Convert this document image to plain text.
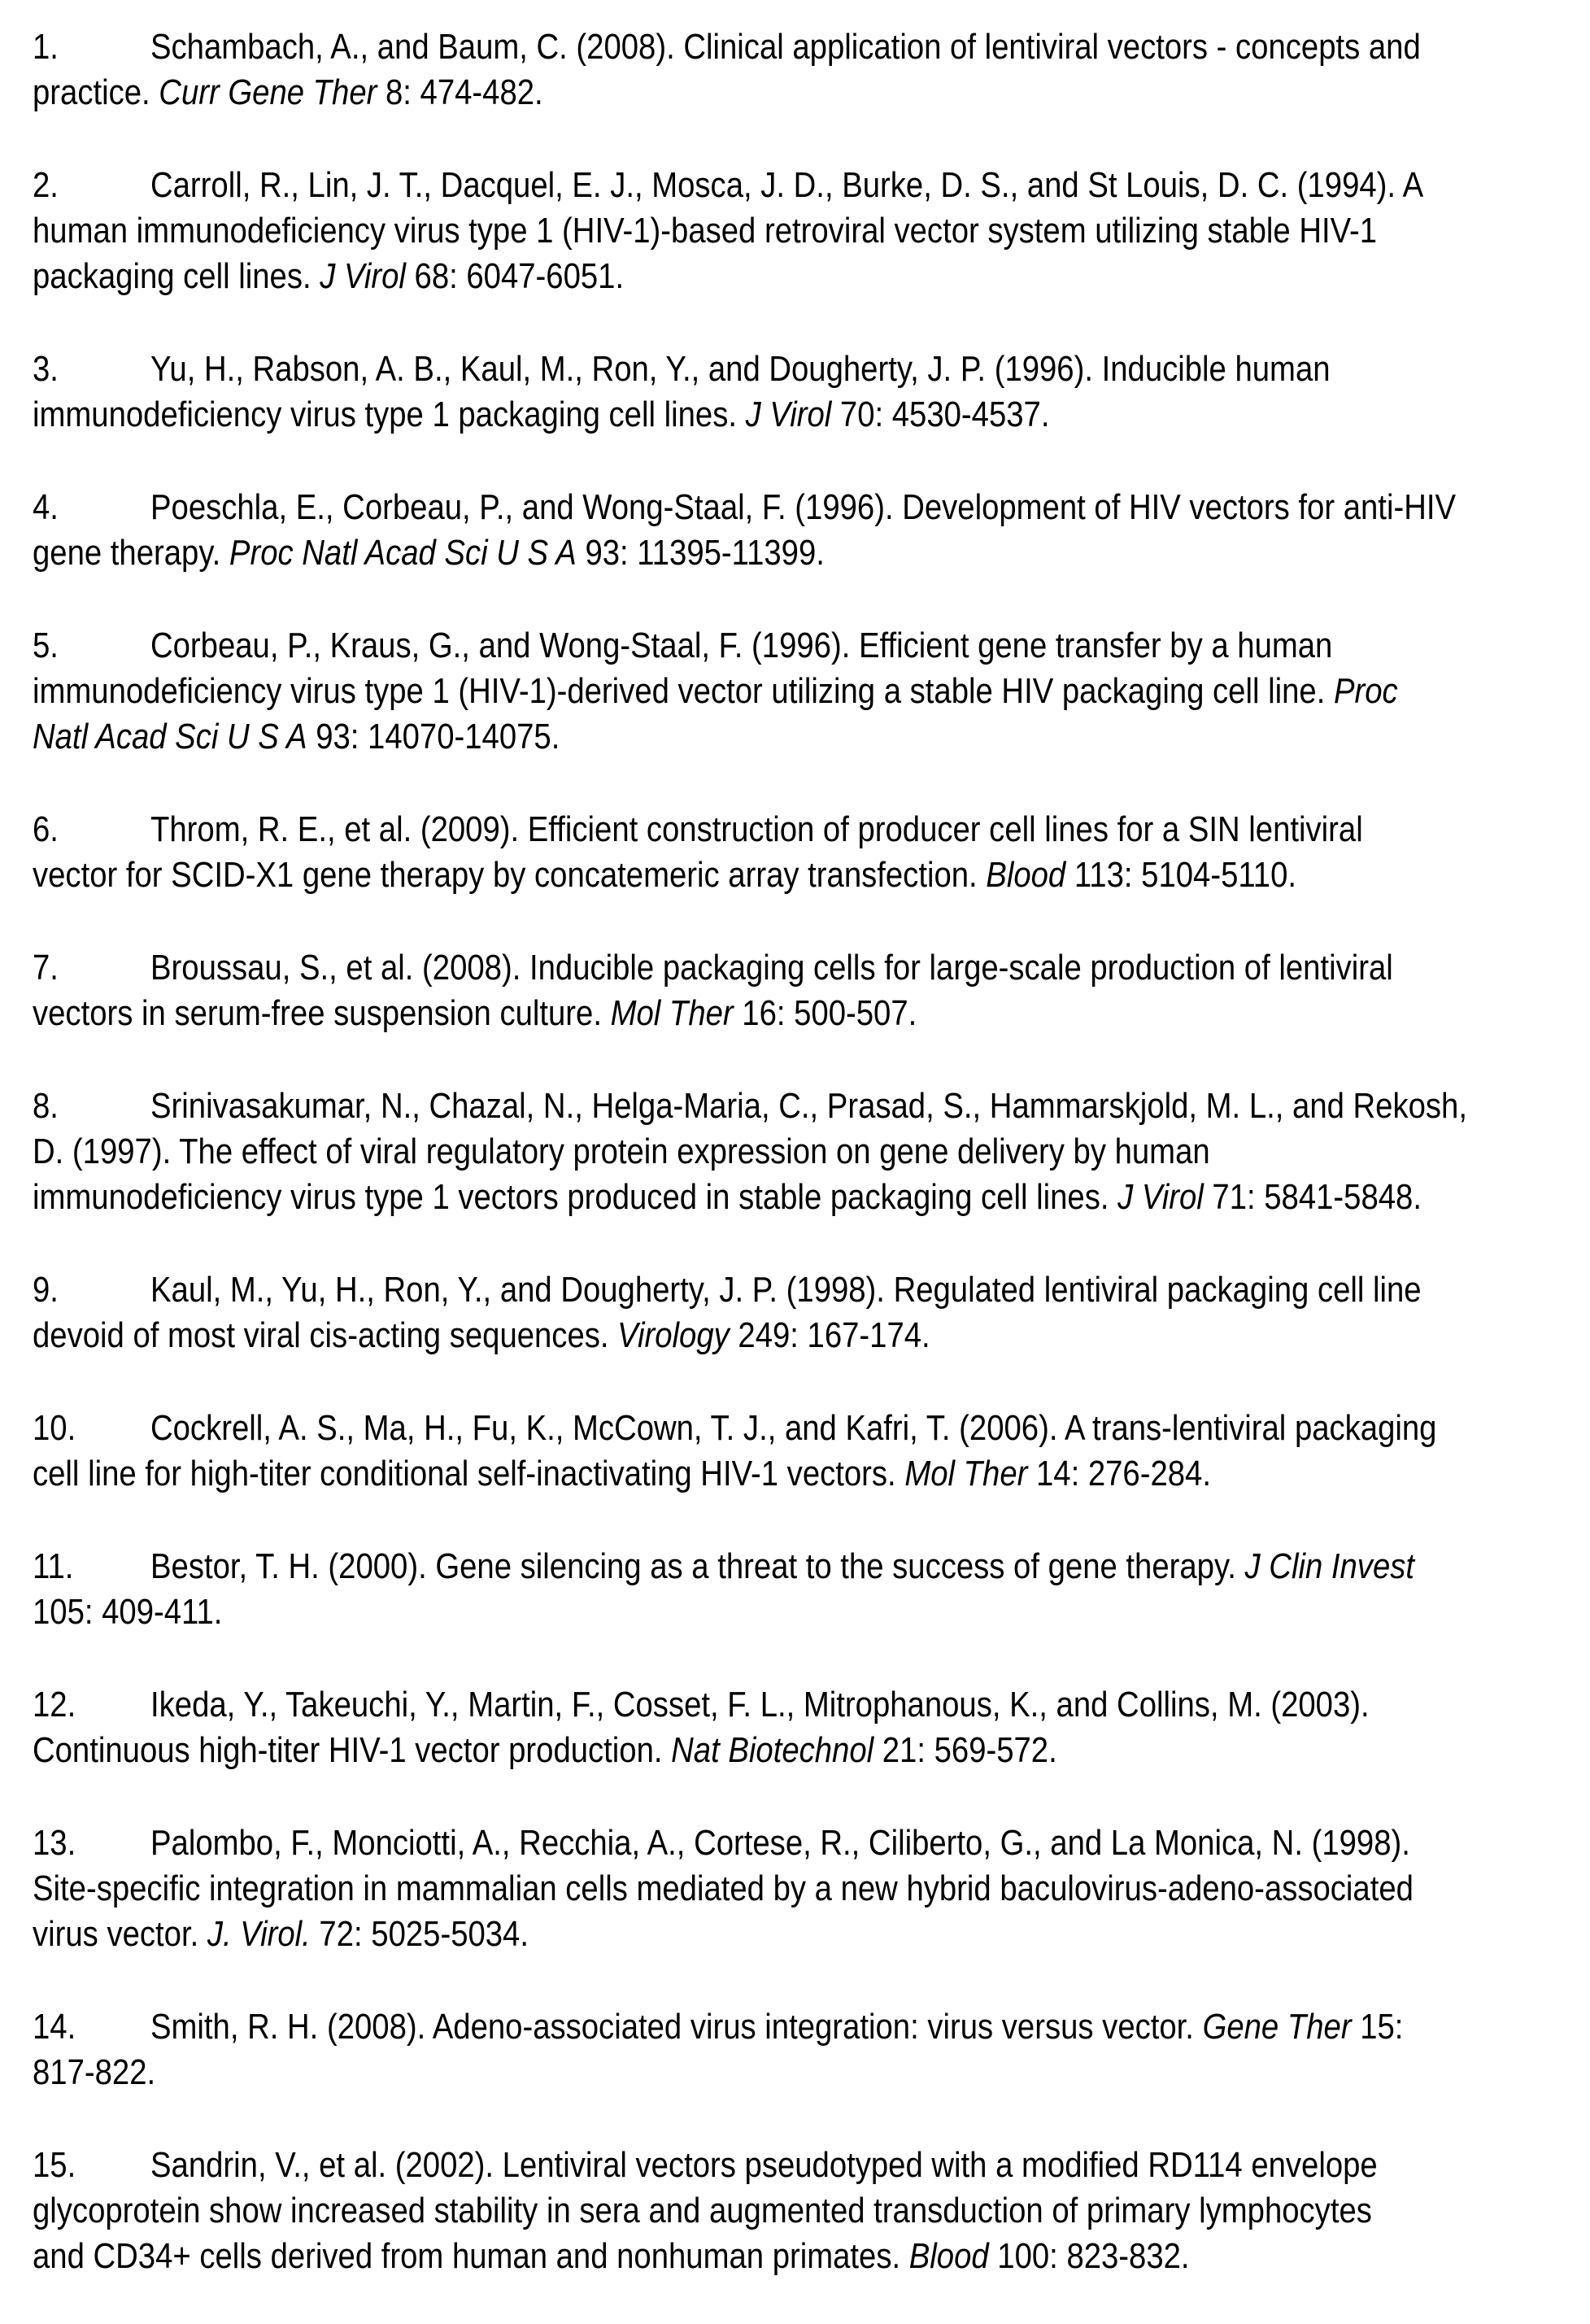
1.	Schambach, A., and Baum, C. (2008). Clinical application of lentiviral vectors - concepts and
practice. Curr Gene Ther 8: 474-482.
2.	Carroll, R., Lin, J. T., Dacquel, E. J., Mosca, J. D., Burke, D. S., and St Louis, D. C. (1994). A
human immunodeficiency virus type 1 (HIV-1)-based retroviral vector system utilizing stable HIV-1
packaging cell lines. J Virol 68: 6047-6051.
3.	Yu, H., Rabson, A. B., Kaul, M., Ron, Y., and Dougherty, J. P. (1996). Inducible human
immunodeficiency virus type 1 packaging cell lines. J Virol 70: 4530-4537.
4.	Poeschla, E., Corbeau, P., and Wong-Staal, F. (1996). Development of HIV vectors for anti-HIV
gene therapy. Proc Natl Acad Sci U S A 93: 11395-11399.
5.	Corbeau, P., Kraus, G., and Wong-Staal, F. (1996). Efficient gene transfer by a human
immunodeficiency virus type 1 (HIV-1)-derived vector utilizing a stable HIV packaging cell line. Proc
Natl Acad Sci U S A 93: 14070-14075.
6.	Throm, R. E., et al. (2009). Efficient construction of producer cell lines for a SIN lentiviral
vector for SCID-X1 gene therapy by concatemeric array transfection. Blood 113: 5104-5110.
7.	Broussau, S., et al. (2008). Inducible packaging cells for large-scale production of lentiviral
vectors in serum-free suspension culture. Mol Ther 16: 500-507.
8.	Srinivasakumar, N., Chazal, N., Helga-Maria, C., Prasad, S., Hammarskjold, M. L., and Rekosh,
D. (1997). The effect of viral regulatory protein expression on gene delivery by human
immunodeficiency virus type 1 vectors produced in stable packaging cell lines. J Virol 71: 5841-5848.
9.	Kaul, M., Yu, H., Ron, Y., and Dougherty, J. P. (1998). Regulated lentiviral packaging cell line
devoid of most viral cis-acting sequences. Virology 249: 167-174.
10.	Cockrell, A. S., Ma, H., Fu, K., McCown, T. J., and Kafri, T. (2006). A trans-lentiviral packaging
cell line for high-titer conditional self-inactivating HIV-1 vectors. Mol Ther 14: 276-284.
11.	Bestor, T. H. (2000). Gene silencing as a threat to the success of gene therapy. J Clin Invest
105: 409-411.
12.	Ikeda, Y., Takeuchi, Y., Martin, F., Cosset, F. L., Mitrophanous, K., and Collins, M. (2003).
Continuous high-titer HIV-1 vector production. Nat Biotechnol 21: 569-572.
13.	Palombo, F., Monciotti, A., Recchia, A., Cortese, R., Ciliberto, G., and La Monica, N. (1998).
Site-specific integration in mammalian cells mediated by a new hybrid baculovirus-adeno-associated
virus vector. J. Virol. 72: 5025-5034.
14.	Smith, R. H. (2008). Adeno-associated virus integration: virus versus vector. Gene Ther 15:
817-822.
15.	Sandrin, V., et al. (2002). Lentiviral vectors pseudotyped with a modified RD114 envelope
glycoprotein show increased stability in sera and augmented transduction of primary lymphocytes
and CD34+ cells derived from human and nonhuman primates. Blood 100: 823-832.
